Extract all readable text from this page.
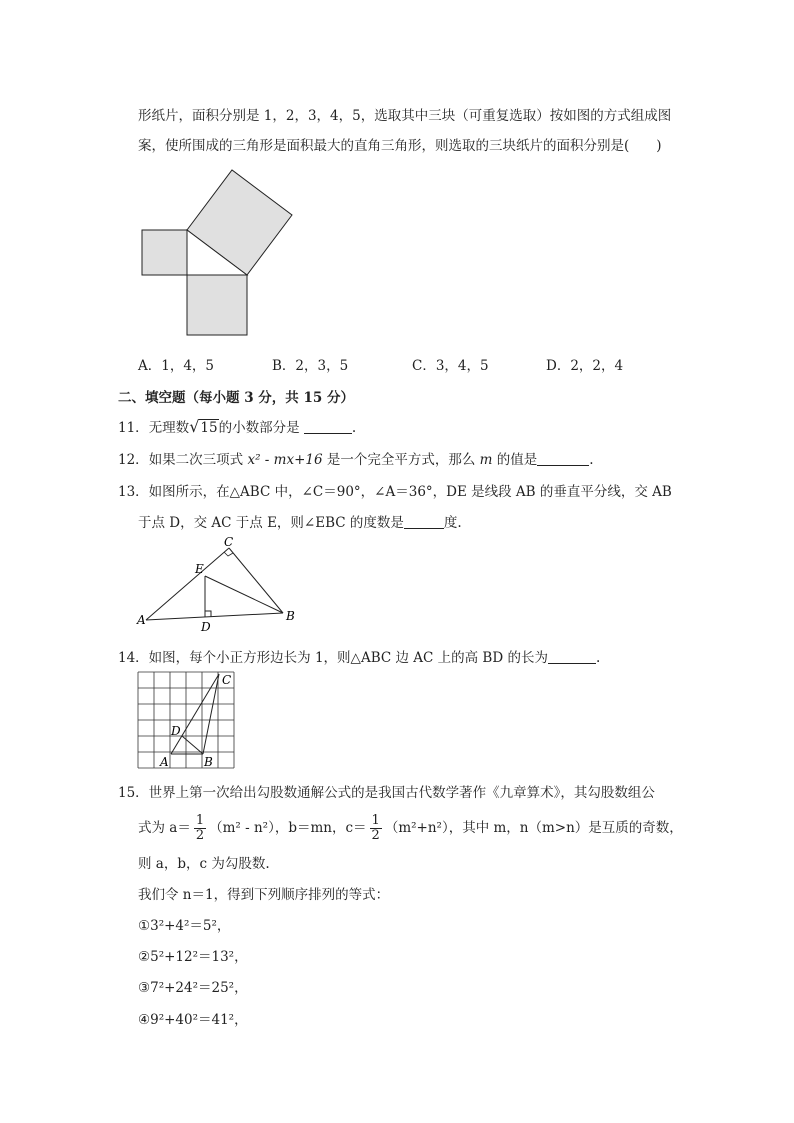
形纸片，面积分别是 1，2，3，4，5，选取其中三块（可重复选取）按如图的方式组成图
案，使所围成的三角形是面积最大的直角三角形，则选取的三块纸片的面积分别是(　　)
A．1，4，5	B．2，3，5	C．3，4，5	D．2，2，4
二、填空题（每小题 3 分，共 15 分）
11．无理数√15的小数部分是	.
12．如果二次三项式 x² - mx+16 是一个完全平方式，那么 m 的值是	.
13．如图所示，在△ABC 中，∠C＝90°，∠A＝36°，DE 是线段 AB 的垂直平分线，交 AB
于点 D，交 AC 于点 E，则∠EBC 的度数是	度.
A	B
C
D
E
14．如图，每个小正方形边长为 1，则△ABC 边 AC 上的高 BD 的长为	.
A	B
C
D
15．世界上第一次给出勾股数通解公式的是我国古代数学著作《九章算术》，其勾股数组公
式为 $a= \frac{1}{2} (m^2 - n^2)$，b＝mn，$c= \frac{1}{2} (m^2+n^2)$，其中 m，n（m>n）是互质的奇数，
则 a，b，c 为勾股数.
我们令 n＝1，得到下列顺序排列的等式：
①3²+4²＝5²，
②5²+12²＝13²，
③7²+24²＝25²，
④9²+40²＝41²，
